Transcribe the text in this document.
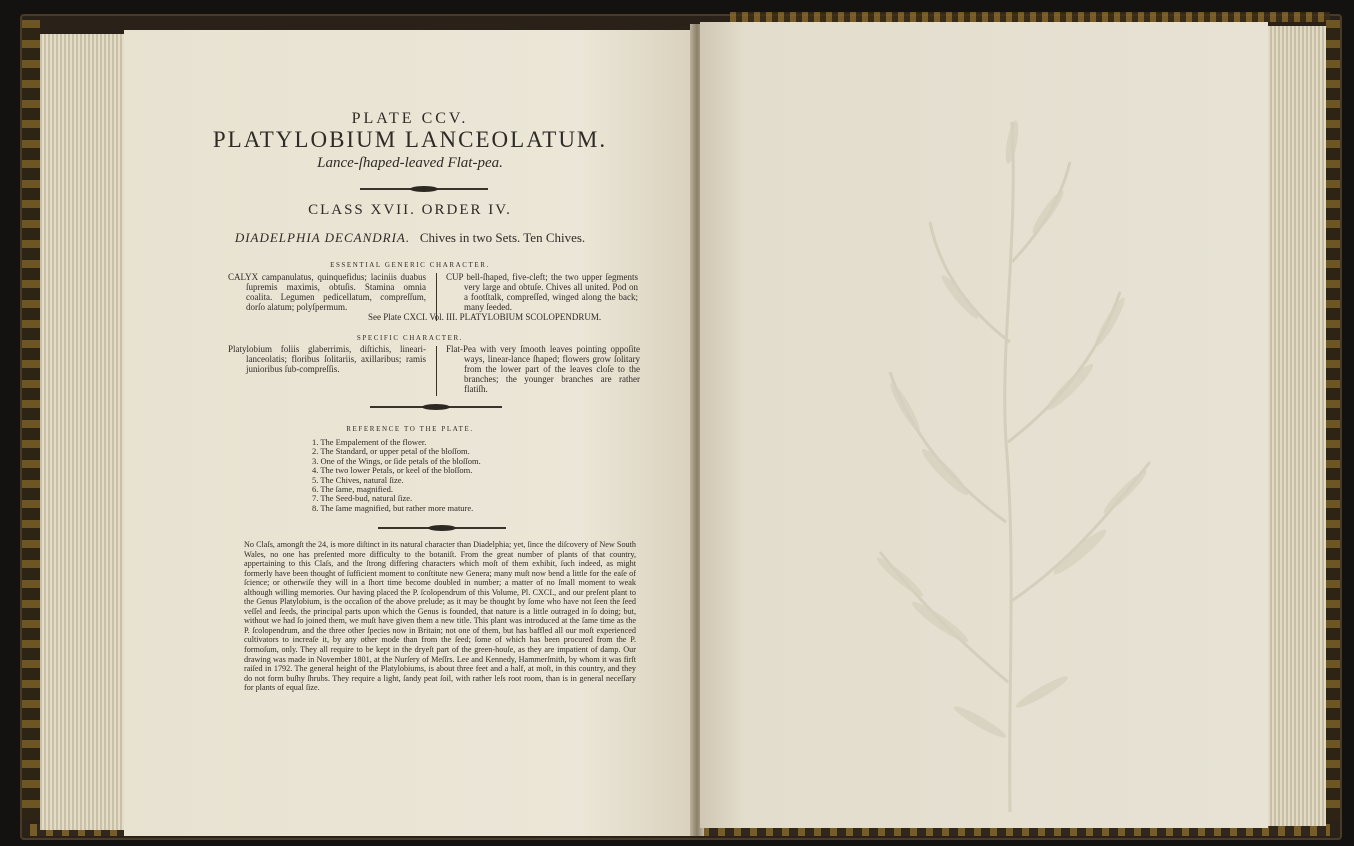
PLATE CCV.
PLATYLOBIUM LANCEOLATUM.
Lance-ſhaped-leaved Flat-pea.
CLASS XVII. ORDER IV.
DIADELPHIA DECANDRIA. Chives in two Sets. Ten Chives.
ESSENTIAL GENERIC CHARACTER.

CALYX campanulatus, quinquefidus; laciniis duabus ſupremis maximis, obtuſis. Stamina omnia coalita. Legumen pedicellatum, compreſſum, dorſo alatum; polyſpermum.

CUP bell-ſhaped, five-cleft; the two upper ſegments very large and obtuſe. Chives all united. Pod on a footſtalk, compreſſed, winged along the back; many ſeeded.

See Plate CXCI. Vol. III. PLATYLOBIUM SCOLOPENDRUM.
SPECIFIC CHARACTER.

Platylobium foliis glaberrimis, diſtichis, lineari-lanceolatis; floribus ſolitariis, axillaribus; ramis junioribus ſub-compreſſis.

Flat-Pea with very ſmooth leaves pointing oppoſite ways, linear-lance ſhaped; flowers grow ſolitary from the lower part of the leaves cloſe to the branches; the younger branches are rather flatiſh.

REFERENCE TO THE PLATE.
1. The Empalement of the flower.
2. The Standard, or upper petal of the bloſſom.
3. One of the Wings, or ſide petals of the bloſſom.
4. The two lower Petals, or keel of the bloſſom.
5. The Chives, natural ſize.
6. The ſame, magnified.
7. The Seed-bud, natural ſize.
8. The ſame magnified, but rather more mature.
No Claſs, amongſt the 24, is more diſtinct in its natural character than Diadelphia; yet, ſince the diſcovery of New South Wales, no one has preſented more difficulty to the botaniſt. From the great number of plants of that country, appertaining to this Claſs, and the ſtrong differing characters which moſt of them exhibit, ſuch indeed, as might formerly have been thought of ſufficient moment to conſtitute new Genera; many muſt now bend a little for the eaſe of ſcience; or otherwiſe they will in a ſhort time become doubled in number; a matter of no ſmall moment to weak although willing memories. Our having placed the P. ſcolopendrum of this Volume, Pl. CXCI., and our preſent plant to the Genus Platylobium, is the occaſion of the above prelude; as it may be thought by ſome who have not ſeen the ſeed veſſel and ſeeds, the principal parts upon which the Genus is founded, that nature is a little outraged in ſo doing; but, without we had ſo joined them, we muſt have given them a new title. This plant was introduced at the ſame time as the P. ſcolopendrum, and the three other ſpecies now in Britain; not one of them, but has baffled all our moſt experienced cultivators to increaſe it, by any other mode than from the ſeed; ſome of which has been procured from the P. formoſum, only. They all require to be kept in the dryeſt part of the green-houſe, as they are impatient of damp. Our drawing was made in November 1801, at the Nurſery of Meſſrs. Lee and Kennedy, Hammerſmith, by whom it was firſt raiſed in 1792. The general height of the Platylobiums, is about three feet and a half, at moſt, in this country, and they do not form buſhy ſhrubs. They require a light, ſandy peat ſoil, with rather leſs root room, than is in general neceſſary for plants of equal ſize.
